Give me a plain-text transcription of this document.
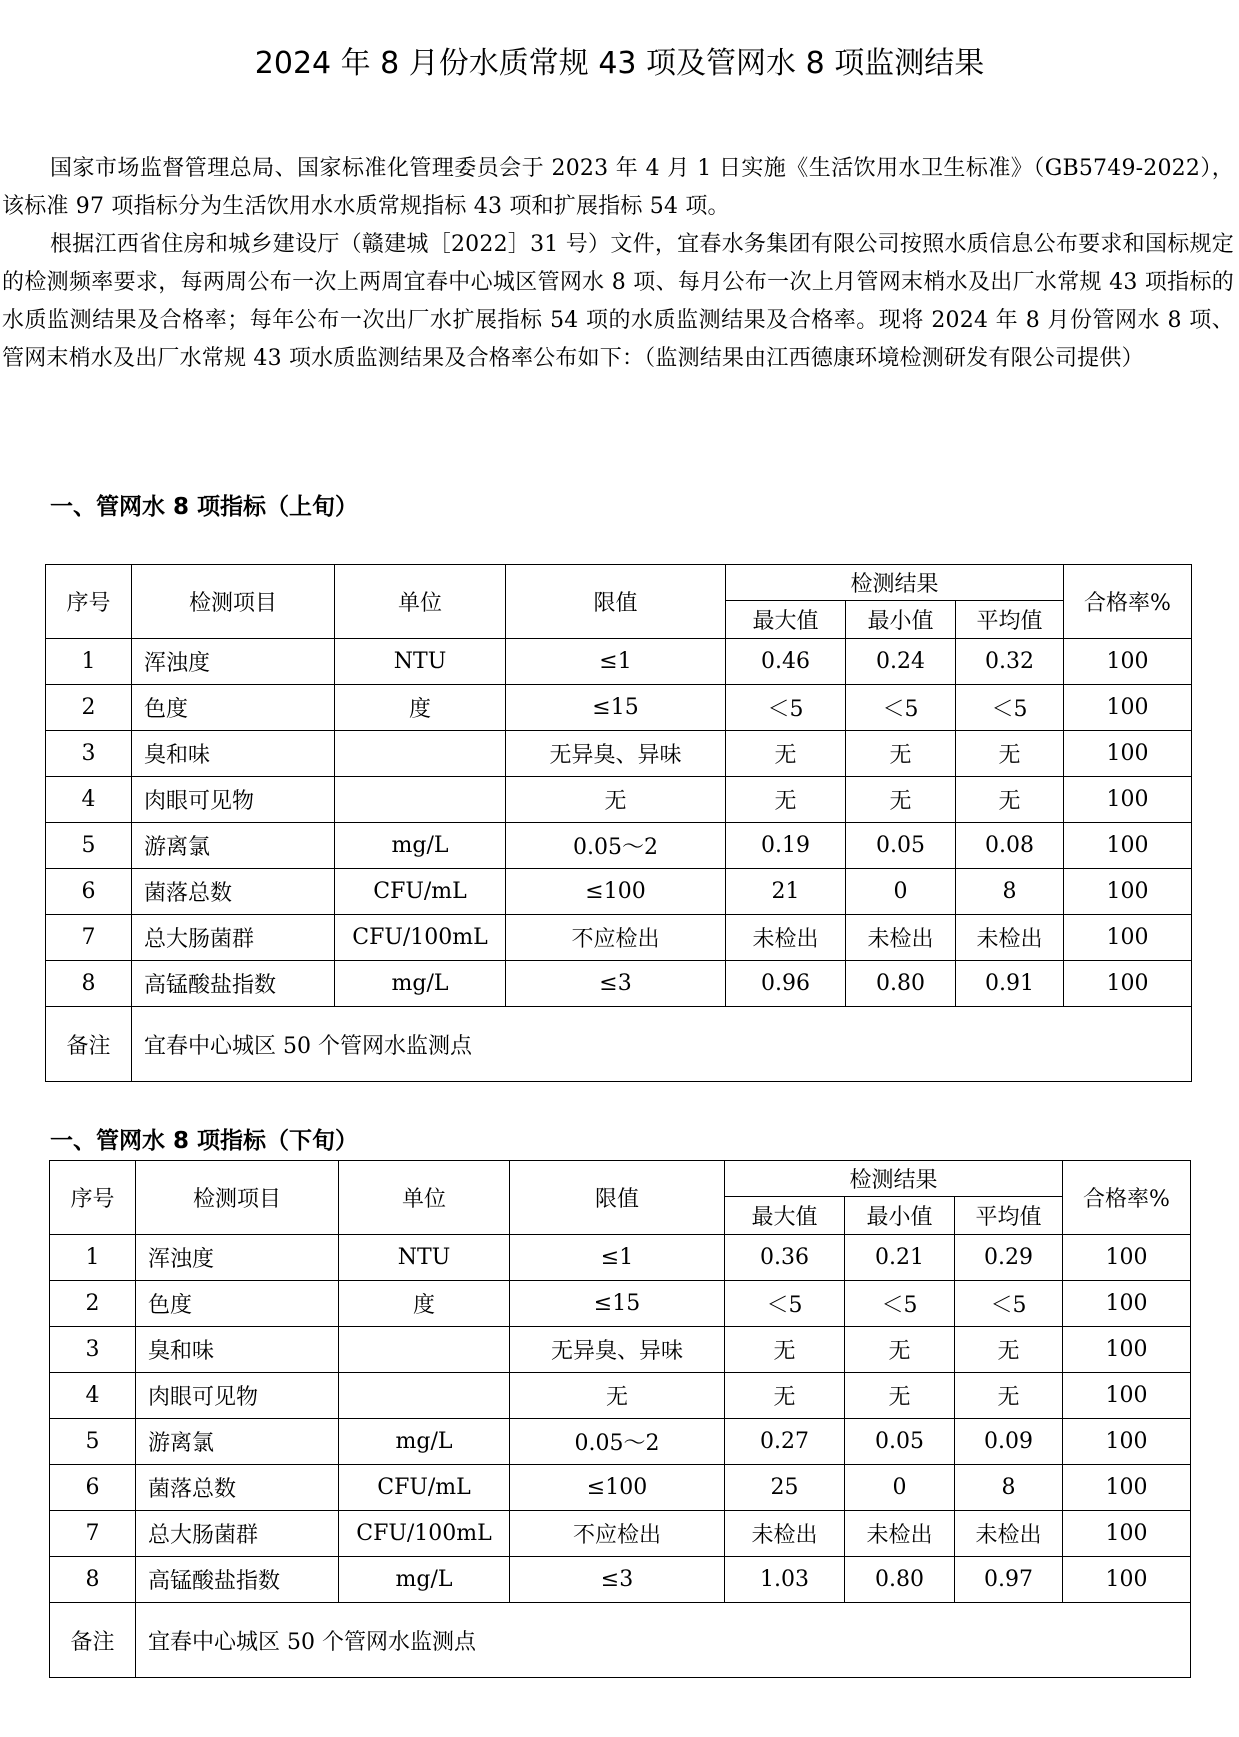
2024 年 8 月份水质常规 43 项及管网水 8 项监测结果

国家市场监督管理总局、国家标准化管理委员会于 2023 年 4 月 1 日实施《生活饮用水卫生标准》（GB5749-2022），该标准 97 项指标分为生活饮用水水质常规指标 43 项和扩展指标 54 项。

根据江西省住房和城乡建设厅（赣建城［2022］31 号）文件，宜春水务集团有限公司按照水质信息公布要求和国标规定的检测频率要求，每两周公布一次上两周宜春中心城区管网水 8 项、每月公布一次上月管网末梢水及出厂水常规 43 项指标的水质监测结果及合格率；每年公布一次出厂水扩展指标 54 项的水质监测结果及合格率。现将 2024 年 8 月份管网水 8 项、管网末梢水及出厂水常规 43 项水质监测结果及合格率公布如下：（监测结果由江西德康环境检测研发有限公司提供）

一、管网水 8 项指标（上旬）
序号	检测项目	单位	限值	检测结果			合格率%
				最大值	最小值	平均值	
1	浑浊度	NTU	≤1	0.46	0.24	0.32	100
2	色度	度	≤15	＜5	＜5	＜5	100
3	臭和味		无异臭、异味	无	无	无	100
4	肉眼可见物		无	无	无	无	100
5	游离氯	mg/L	0.05～2	0.19	0.05	0.08	100
6	菌落总数	CFU/mL	≤100	21	0	8	100
7	总大肠菌群	CFU/100mL	不应检出	未检出	未检出	未检出	100
8	高锰酸盐指数	mg/L	≤3	0.96	0.80	0.91	100
备注	宜春中心城区 50 个管网水监测点						
一、管网水 8 项指标（下旬）
序号	检测项目	单位	限值	检测结果			合格率%
				最大值	最小值	平均值	
1	浑浊度	NTU	≤1	0.36	0.21	0.29	100
2	色度	度	≤15	＜5	＜5	＜5	100
3	臭和味		无异臭、异味	无	无	无	100
4	肉眼可见物		无	无	无	无	100
5	游离氯	mg/L	0.05～2	0.27	0.05	0.09	100
6	菌落总数	CFU/mL	≤100	25	0	8	100
7	总大肠菌群	CFU/100mL	不应检出	未检出	未检出	未检出	100
8	高锰酸盐指数	mg/L	≤3	1.03	0.80	0.97	100
备注	宜春中心城区 50 个管网水监测点						
